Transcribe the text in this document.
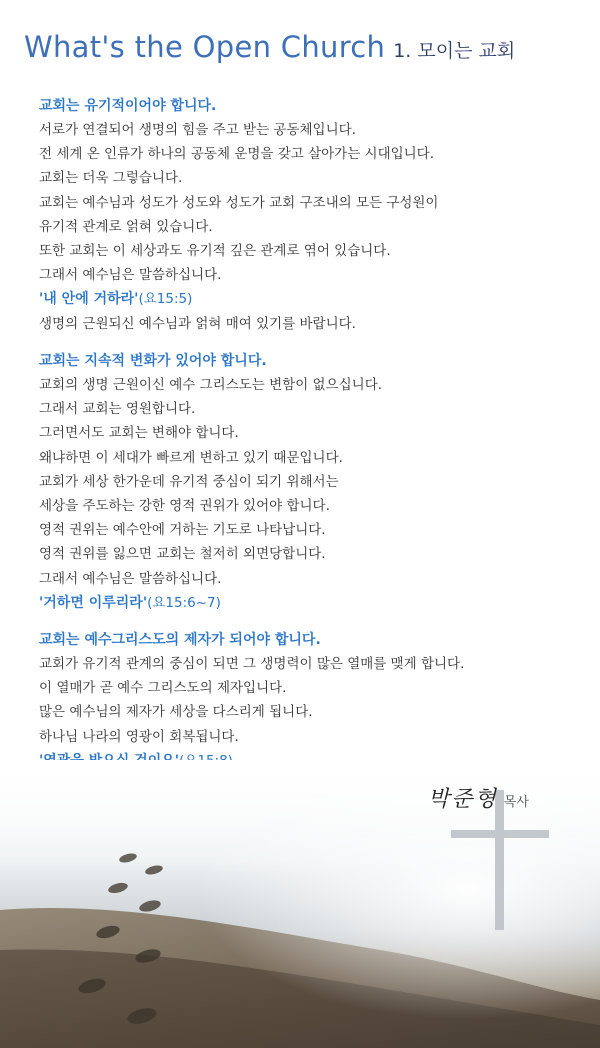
What's the Open Church 1. 모이는 교회
교회는 유기적이어야 합니다.
서로가 연결되어 생명의 힘을 주고 받는 공동체입니다.
전 세계 온 인류가 하나의 공동체 운명을 갖고 살아가는 시대입니다.
교회는 더욱 그렇습니다.
교회는 예수님과 성도가 성도와 성도가 교회 구조내의 모든 구성원이
유기적 관계로 얽혀 있습니다.
또한 교회는 이 세상과도 유기적 깊은 관계로 엮어 있습니다.
그래서 예수님은 말씀하십니다.
'내 안에 거하라'(요15:5)
생명의 근원되신 예수님과 얽혀 매여 있기를 바랍니다.
교회는 지속적 변화가 있어야 합니다.
교회의 생명 근원이신 예수 그리스도는 변함이 없으십니다.
그래서 교회는 영원합니다.
그러면서도 교회는 변해야 합니다.
왜냐하면 이 세대가 빠르게 변하고 있기 때문입니다.
교회가 세상 한가운데 유기적 중심이 되기 위해서는
세상을 주도하는 강한 영적 권위가 있어야 합니다.
영적 권위는 예수안에 거하는 기도로 나타납니다.
영적 권위를 잃으면 교회는 철저히 외면당합니다.
그래서 예수님은 말씀하십니다.
'거하면 이루리라'(요15:6~7)
교회는 예수그리스도의 제자가 되어야 합니다.
교회가 유기적 관계의 중심이 되면 그 생명력이 많은 열매를 맺게 합니다.
이 열매가 곧 예수 그리스도의 제자입니다.
많은 예수님의 제자가 세상을 다스리게 됩니다.
하나님 나라의 영광이 회복됩니다.
박준형 목사
